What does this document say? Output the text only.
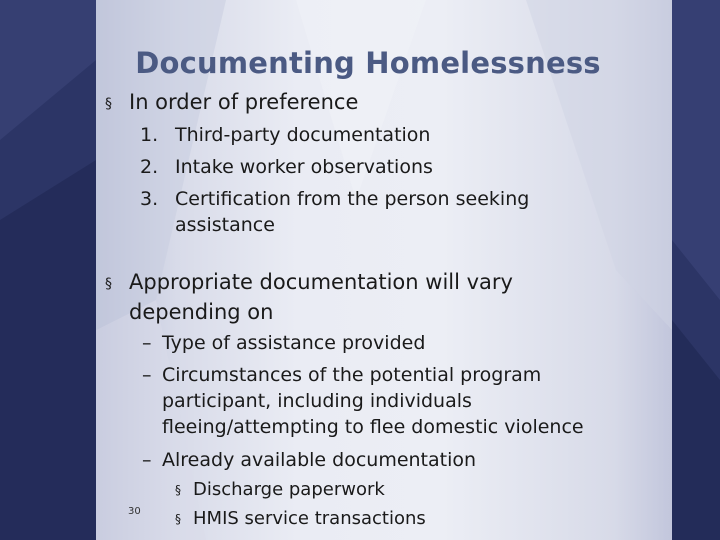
Documenting Homelessness
§ In order of preference
1. Third-party documentation
2. Intake worker observations
3. Certification from the person seeking
assistance
§ Appropriate documentation will vary
depending on
– Type of assistance provided
– Circumstances of the potential program
participant, including individuals
fleeing/attempting to flee domestic violence
– Already available documentation
§ Discharge paperwork
§ HMIS service transactions
30
